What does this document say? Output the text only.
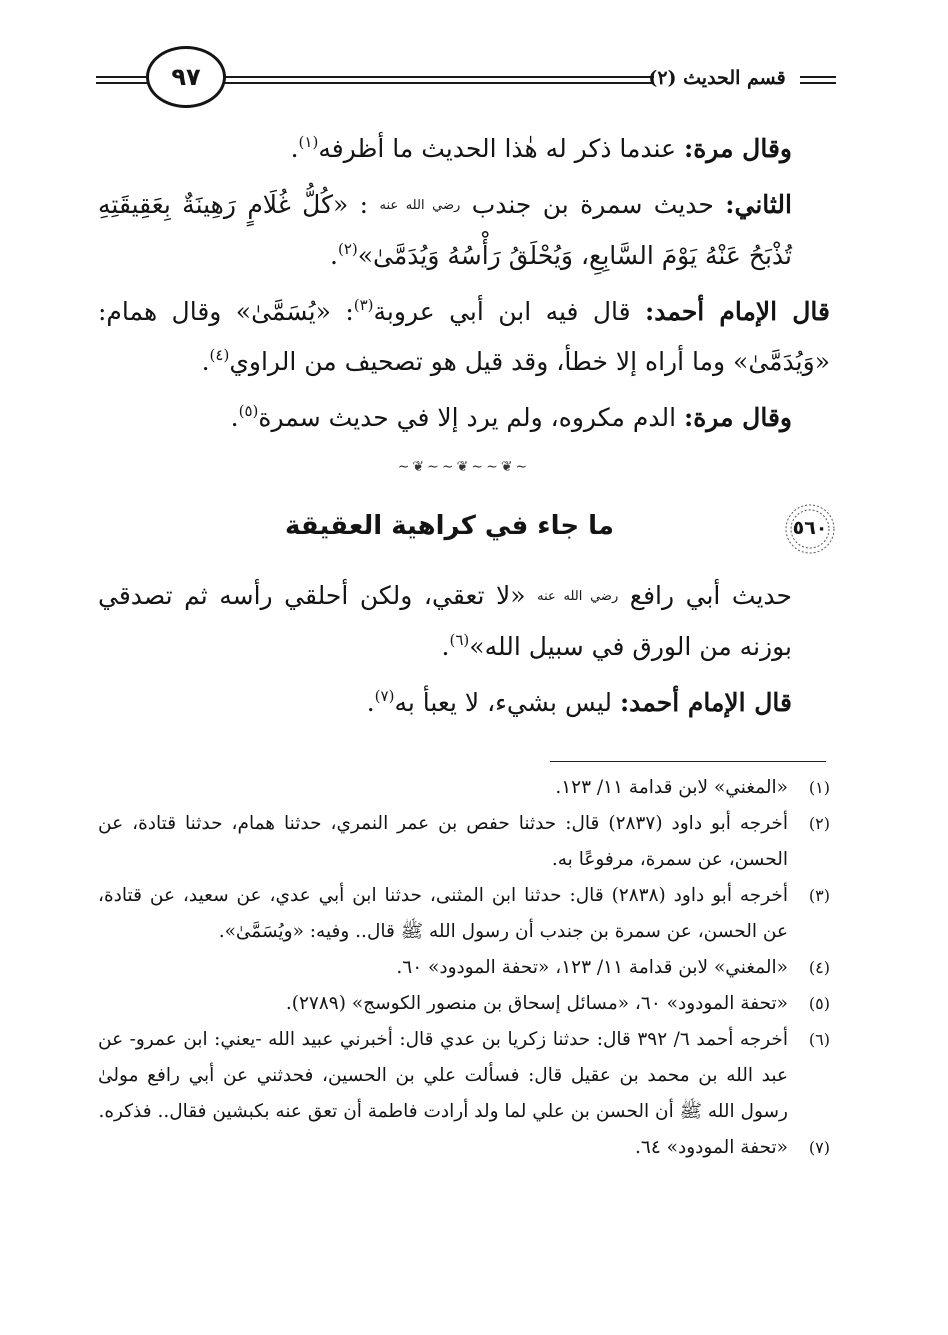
٩٧	قسم الحديث (٢)

وقال مرة: عندما ذكر له هٰذا الحديث ما أظرفه$^{(١)}$.

الثاني: حديث سمرة بن جندب رضي الله عنه : «كُلُّ غُلَامٍ رَهِينَةٌ بِعَقِيقَتِهِ تُذْبَحُ عَنْهُ يَوْمَ السَّابِعِ، وَيُحْلَقُ رَأْسُهُ وَيُدَمَّىٰ»$^{(٢)}$.

قال الإمام أحمد: قال فيه ابن أبي عروبة$^{(٣)}$: «يُسَمَّىٰ» وقال همام: «وَيُدَمَّىٰ» وما أراه إلا خطأ، وقد قيل هو تصحيف من الراوي$^{(٤)}$.

وقال مرة: الدم مكروه، ولم يرد إلا في حديث سمرة$^{(٥)}$.

∽❦∽∽❦∽∽❦∽
٥٦٠
ما جاء في كراهية العقيقة

حديث أبي رافع رضي الله عنه «لا تعقي، ولكن أحلقي رأسه ثم تصدقي بوزنه من الورق في سبيل الله»$^{(٦)}$.

قال الإمام أحمد: ليس بشيء، لا يعبأ به$^{(٧)}$.

(١)
«المغني» لابن قدامة ١١/ ١٢٣.
(٢)
أخرجه أبو داود (٢٨٣٧) قال: حدثنا حفص بن عمر النمري، حدثنا همام، حدثنا قتادة، عن الحسن، عن سمرة، مرفوعًا به.
(٣)
أخرجه أبو داود (٢٨٣٨) قال: حدثنا ابن المثنى، حدثنا ابن أبي عدي، عن سعيد، عن قتادة، عن الحسن، عن سمرة بن جندب أن رسول الله ﷺ قال.. وفيه: «ويُسَمَّىٰ».
(٤)
«المغني» لابن قدامة ١١/ ١٢٣، «تحفة المودود» ٦٠.
(٥)
«تحفة المودود» ٦٠، «مسائل إسحاق بن منصور الكوسج» (٢٧٨٩).
(٦)
أخرجه أحمد ٦/ ٣٩٢ قال: حدثنا زكريا بن عدي قال: أخبرني عبيد الله -يعني: ابن عمرو- عن عبد الله بن محمد بن عقيل قال: فسألت علي بن الحسين، فحدثني عن أبي رافع مولىٰ رسول الله ﷺ أن الحسن بن علي لما ولد أرادت فاطمة أن تعق عنه بكبشين فقال.. فذكره.
(٧)
«تحفة المودود» ٦٤.
